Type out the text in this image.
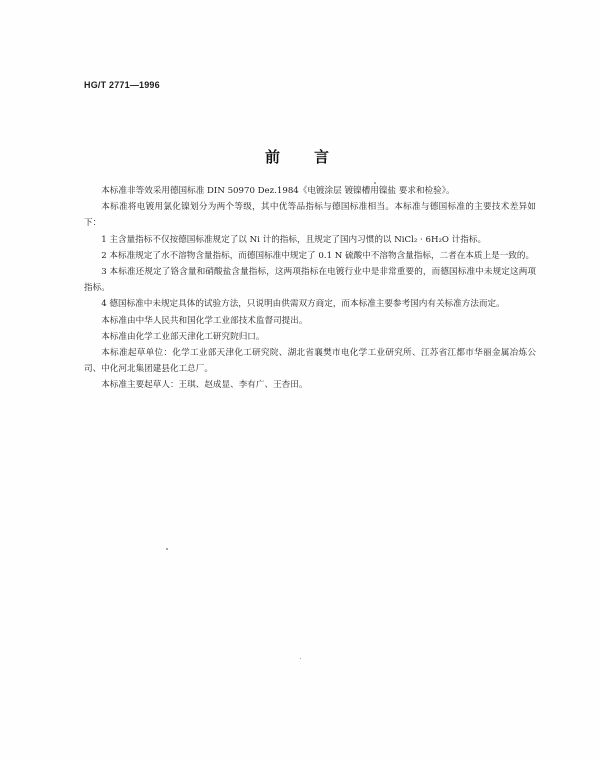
HG/T 2771—1996
前言

本标准非等效采用德国标准 DIN 50970 Dez.1984《电镀涂层 镀镍槽用镍盐 要求和检验》。

本标准将电镀用氯化镍划分为两个等级，其中优等品指标与德国标准相当。本标准与德国标准的主要技术差异如下：

1 主含量指标不仅按德国标准规定了以 Ni 计的指标，且规定了国内习惯的以 NiCl₂ · 6H₂O 计指标。

2 本标准规定了水不溶物含量指标，而德国标准中规定了 0.1 N 硫酸中不溶物含量指标，二者在本质上是一致的。

3 本标准还规定了铬含量和硝酸盐含量指标，这两项指标在电镀行业中是非常重要的，而德国标准中未规定这两项指标。

4 德国标准中未规定具体的试验方法，只说明由供需双方商定，而本标准主要参考国内有关标准方法而定。

本标准由中华人民共和国化学工业部技术监督司提出。

本标准由化学工业部天津化工研究院归口。

本标准起草单位：化学工业部天津化工研究院、湖北省襄樊市电化学工业研究所、江苏省江都市华丽金属冶炼公司、中化河北集团建县化工总厂。

本标准主要起草人：王琪、赵成显、李有广、王杏田。
